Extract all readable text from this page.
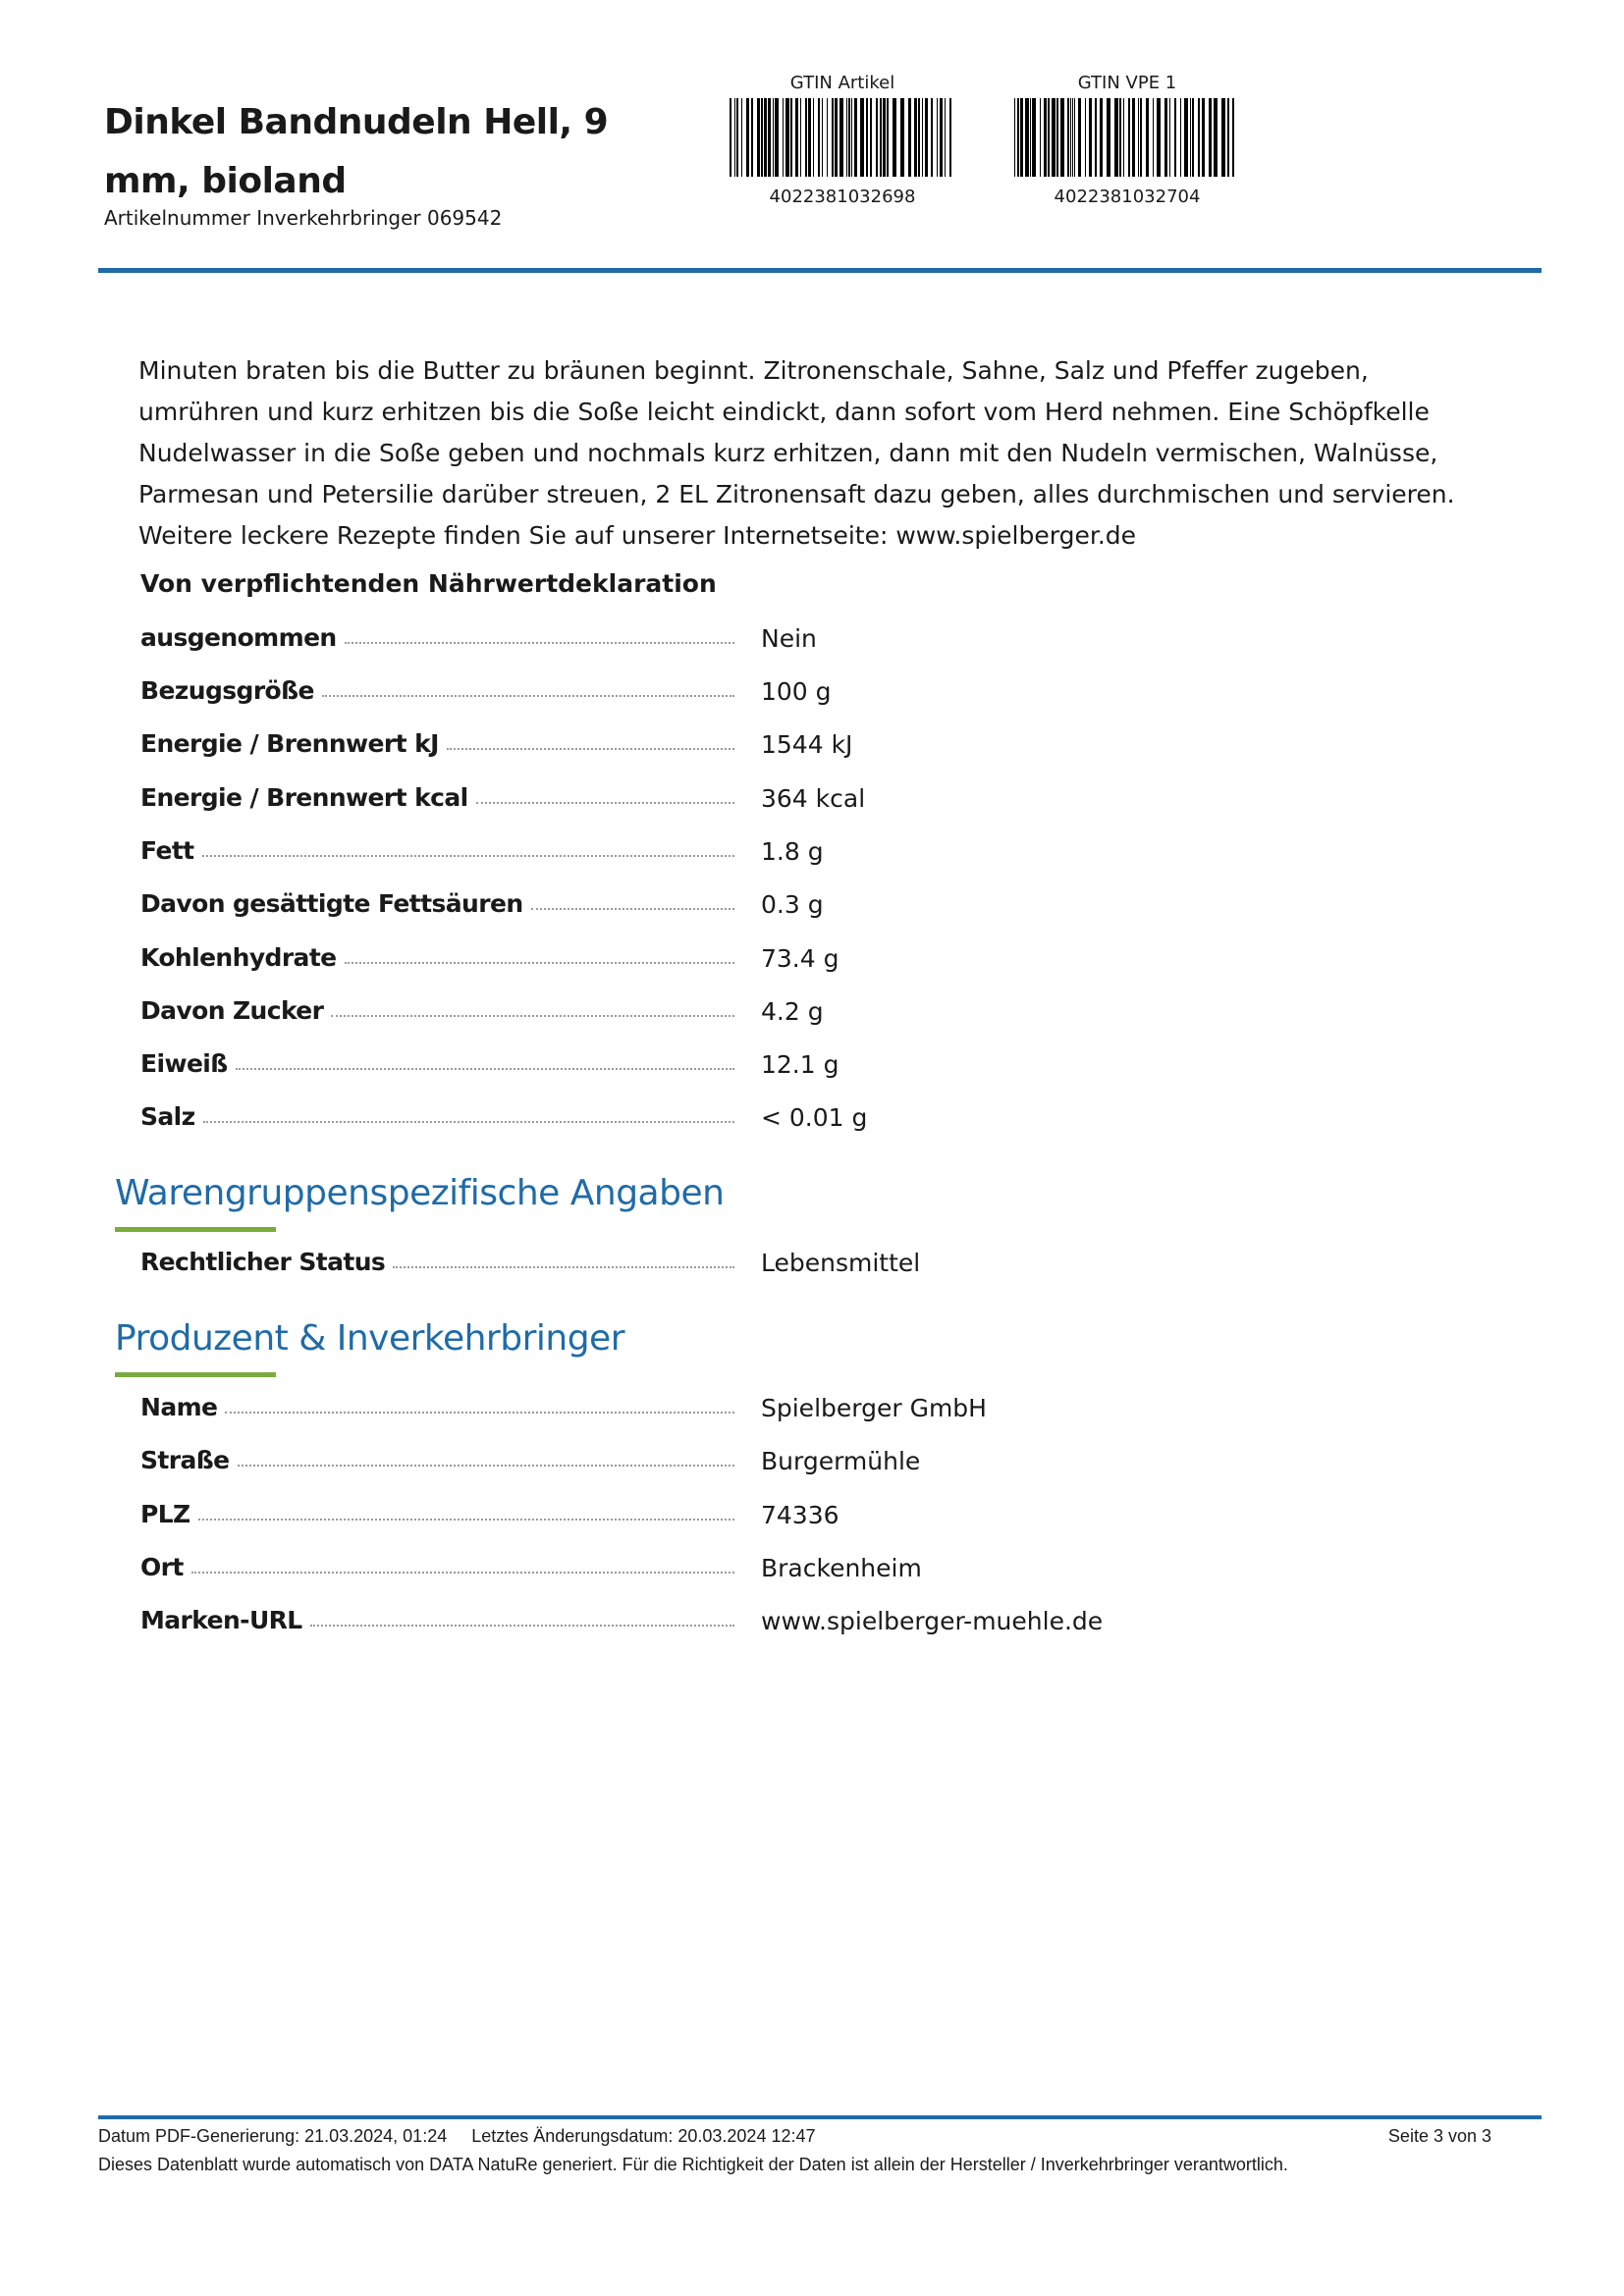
Dinkel Bandnudeln Hell, 9 mm, bioland
Artikelnummer Inverkehrbringer 069542
GTIN Artikel
4022381032698
GTIN VPE 1
4022381032704
Minuten braten bis die Butter zu bräunen beginnt. Zitronenschale, Sahne, Salz und Pfeffer zugeben, umrühren und kurz erhitzen bis die Soße leicht eindickt, dann sofort vom Herd nehmen. Eine Schöpfkelle Nudelwasser in die Soße geben und nochmals kurz erhitzen, dann mit den Nudeln vermischen, Walnüsse, Parmesan und Petersilie darüber streuen, 2 EL Zitronensaft dazu geben, alles durchmischen und servieren. Weitere leckere Rezepte finden Sie auf unserer Internetseite: www.spielberger.de
Von verpflichtenden Nährwertdeklaration
ausgenommen	Nein
Bezugsgröße	100 g
Energie / Brennwert kJ	1544 kJ
Energie / Brennwert kcal	364 kcal
Fett	1.8 g
Davon gesättigte Fettsäuren	0.3 g
Kohlenhydrate	73.4 g
Davon Zucker	4.2 g
Eiweiß	12.1 g
Salz	< 0.01 g
Warengruppenspezifische Angaben
Rechtlicher Status	Lebensmittel
Produzent & Inverkehrbringer
Name	Spielberger GmbH
Straße	Burgermühle
PLZ	74336
Ort	Brackenheim
Marken-URL	www.spielberger-muehle.de
Datum PDF-Generierung: 21.03.2024, 01:24 Letztes Änderungsdatum: 20.03.2024 12:47	Seite 3 von 3
Dieses Datenblatt wurde automatisch von DATA NatuRe generiert. Für die Richtigkeit der Daten ist allein der Hersteller / Inverkehrbringer verantwortlich.
